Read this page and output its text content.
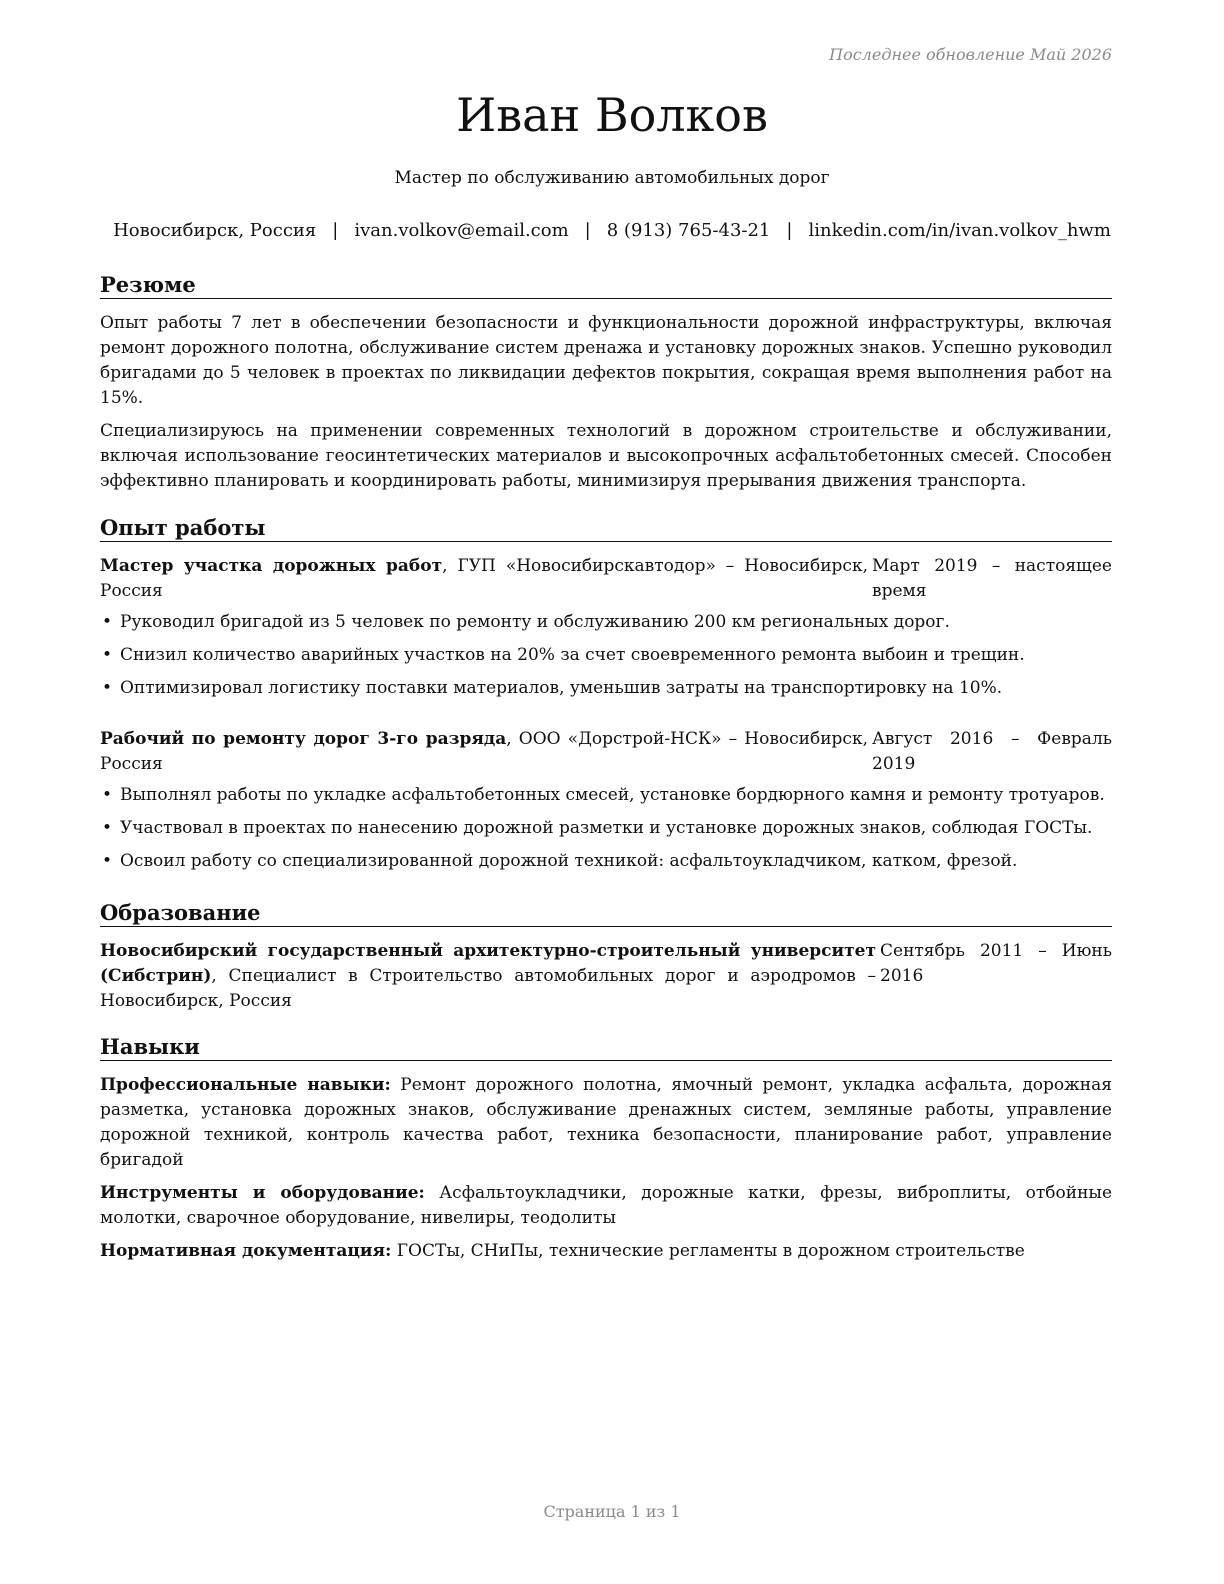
Последнее обновление Май 2026
Иван Волков
Мастер по обслуживанию автомобильных дорог
Новосибирск, Россия | ivan.volkov@email.com | 8 (913) 765-43-21 | linkedin.com/in/ivan.volkov_hwm
Резюме

Опыт работы 7 лет в обеспечении безопасности и функциональности дорожной инфраструктуры, включая ремонт дорожного полотна, обслуживание систем дренажа и установку дорожных знаков. Успешно руководил бригадами до 5 человек в проектах по ликвидации дефектов покрытия, сокращая время выполнения работ на 15%.

Специализируюсь на применении современных технологий в дорожном строительстве и обслуживании, включая использование геосинтетических материалов и высокопрочных асфальтобетонных смесей. Способен эффективно планировать и координировать работы, минимизируя прерывания движения транспорта.

Опыт работы
Мастер участка дорожных работ, ГУП «Новосибирскавтодор» – Новосибирск, Россия
Март 2019 – настоящее время
• Руководил бригадой из 5 человек по ремонту и обслуживанию 200 км региональных дорог.
• Снизил количество аварийных участков на 20% за счет своевременного ремонта выбоин и трещин.
• Оптимизировал логистику поставки материалов, уменьшив затраты на транспортировку на 10%.
Рабочий по ремонту дорог 3-го разряда, ООО «Дорстрой-НСК» – Новосибирск, Россия
Август 2016 – Февраль 2019
• Выполнял работы по укладке асфальтобетонных смесей, установке бордюрного камня и ремонту тротуаров.
• Участвовал в проектах по нанесению дорожной разметки и установке дорожных знаков, соблюдая ГОСТы.
• Освоил работу со специализированной дорожной техникой: асфальтоукладчиком, катком, фрезой.
Образование
Новосибирский государственный архитектурно-строительный университет (Сибстрин), Специалист в Строительство автомобильных дорог и аэродромов – Новосибирск, Россия
Сентябрь 2011 – Июнь 2016
Навыки

Профессиональные навыки: Ремонт дорожного полотна, ямочный ремонт, укладка асфальта, дорожная разметка, установка дорожных знаков, обслуживание дренажных систем, земляные работы, управление дорожной техникой, контроль качества работ, техника безопасности, планирование работ, управление бригадой

Инструменты и оборудование: Асфальтоукладчики, дорожные катки, фрезы, виброплиты, отбойные молотки, сварочное оборудование, нивелиры, теодолиты

Нормативная документация: ГОСТы, СНиПы, технические регламенты в дорожном строительстве

Страница 1 из 1
